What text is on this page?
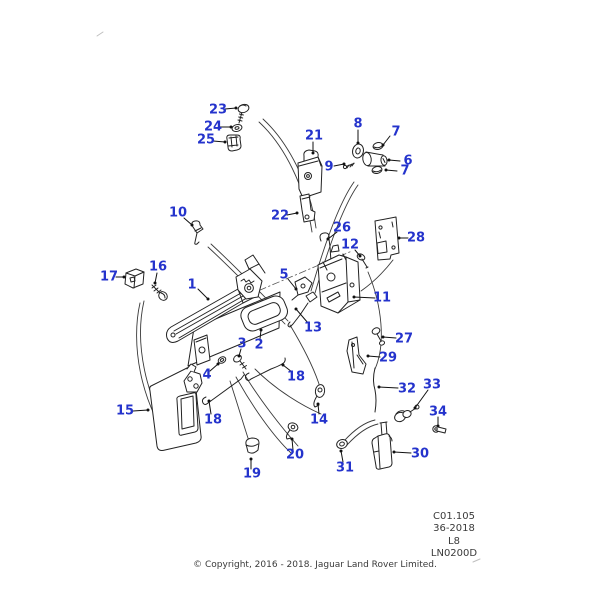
1
2
3
4
5
6
7
7
8
9
10
11
12
13
14
15
16
17
18
18
19
20
21
22
23
24
25
26
27
28
29
30
31
32 33
34
C01.105
36-2018
L8
LN0200D
© Copyright, 2016 - 2018. Jaguar Land Rover Limited.
